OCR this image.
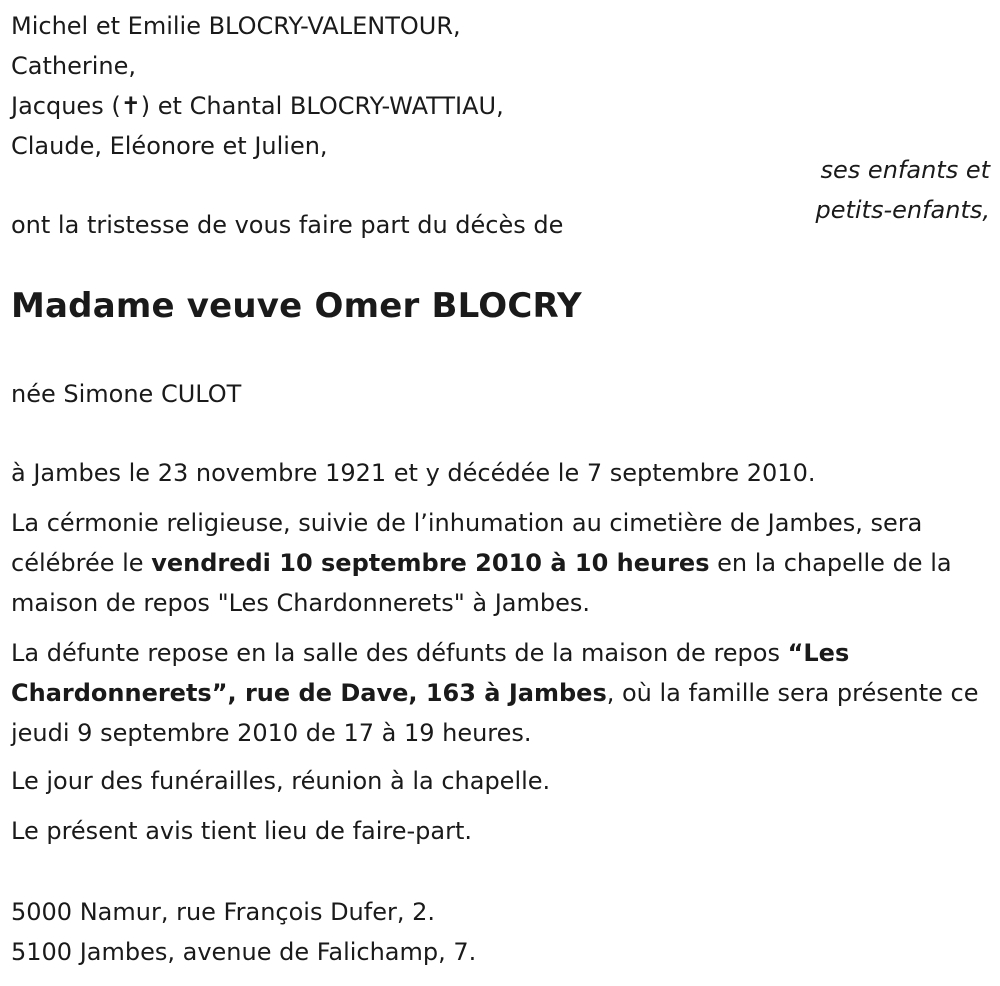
Michel et Emilie BLOCRY-VALENTOUR,
Catherine,
Jacques (✝) et Chantal BLOCRY-WATTIAU,
Claude, Eléonore et Julien,
ses enfants et
petits-enfants,
ont la tristesse de vous faire part du décès de
Madame veuve Omer BLOCRY
née Simone CULOT
à Jambes le 23 novembre 1921 et y décédée le 7 septembre 2010.
La cérmonie religieuse, suivie de l’inhumation au cimetière de Jambes, sera célébrée le vendredi 10 septembre 2010 à 10 heures en la chapelle de la maison de repos "Les Chardonnerets" à Jambes.
La défunte repose en la salle des défunts de la maison de repos “Les Chardonnerets”, rue de Dave, 163 à Jambes, où la famille sera présente ce jeudi 9 septembre 2010 de 17 à 19 heures.
Le jour des funérailles, réunion à la chapelle.
Le présent avis tient lieu de faire-part.
5000 Namur, rue François Dufer, 2.
5100 Jambes, avenue de Falichamp, 7.
